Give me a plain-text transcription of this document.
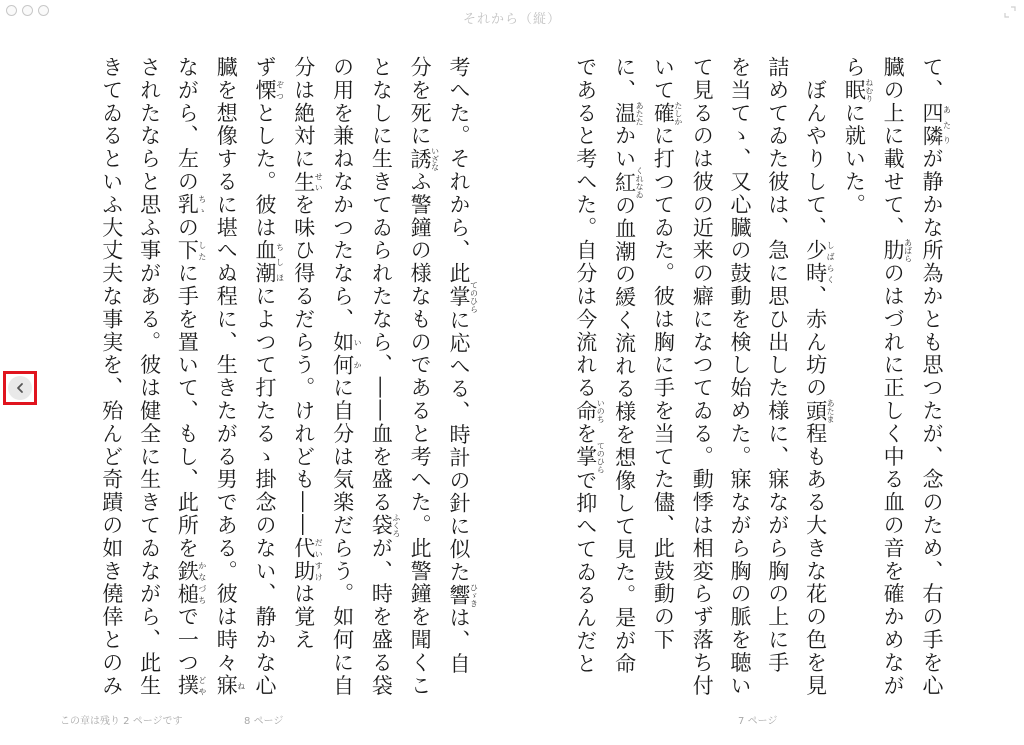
それから（縦）
考へた。それから、此掌てのひらに応へる、時計の針に似た響ひゞきは、自
分を死に誘いざなふ警鐘の様なものであると考へた。此警鐘を聞くこ
となしに生きてゐられたなら、――血を盛る袋ふくろが、時を盛る袋
の用を兼ねなかつたなら、如何いかに自分は気楽だらう。如何に自
分は絶対に生せいを味ひ得るだらう。けれども――代助だいすけは覚え
ず慄ぞつとした。彼は血潮ちしほによつて打たるゝ掛念のない、静かな心
臓を想像するに堪へぬ程に、生きたがる男である。彼は時々寐ね
ながら、左の乳ちゝの下したに手を置いて、もし、此所を鉄槌かなづちで一つ撲どや
されたならと思ふ事がある。彼は健全に生きてゐながら、此生
きてゐるといふ大丈夫な事実を、殆んど奇蹟の如き僥倖とのみ	て、四隣あたりが静かな所為かとも思つたが、念のため、右の手を心
臓の上に載せて、肋あばらのはづれに正しく中る血の音を確かめなが
ら眠ねむりに就いた。
　ぼんやりして、少時しばらく、赤ん坊の頭あたま程もある大きな花の色を見
詰めてゐた彼は、急に思ひ出した様に、寐ながら胸の上に手
を当てゝ、又心臓の鼓動を検し始めた。寐ながら胸の脈を聴い
て見るのは彼の近来の癖になつてゐる。動悸は相変らず落ち付
いて確たしかに打つてゐた。彼は胸に手を当てた儘、此鼓動の下
に、温あたたかい紅くれなゐの血潮の緩く流れる様を想像して見た。是が命
であると考へた。自分は今流れる命いのちを掌てのひらで抑へてゐるんだと
この章は残り 2 ページです	8 ページ	7 ページ
